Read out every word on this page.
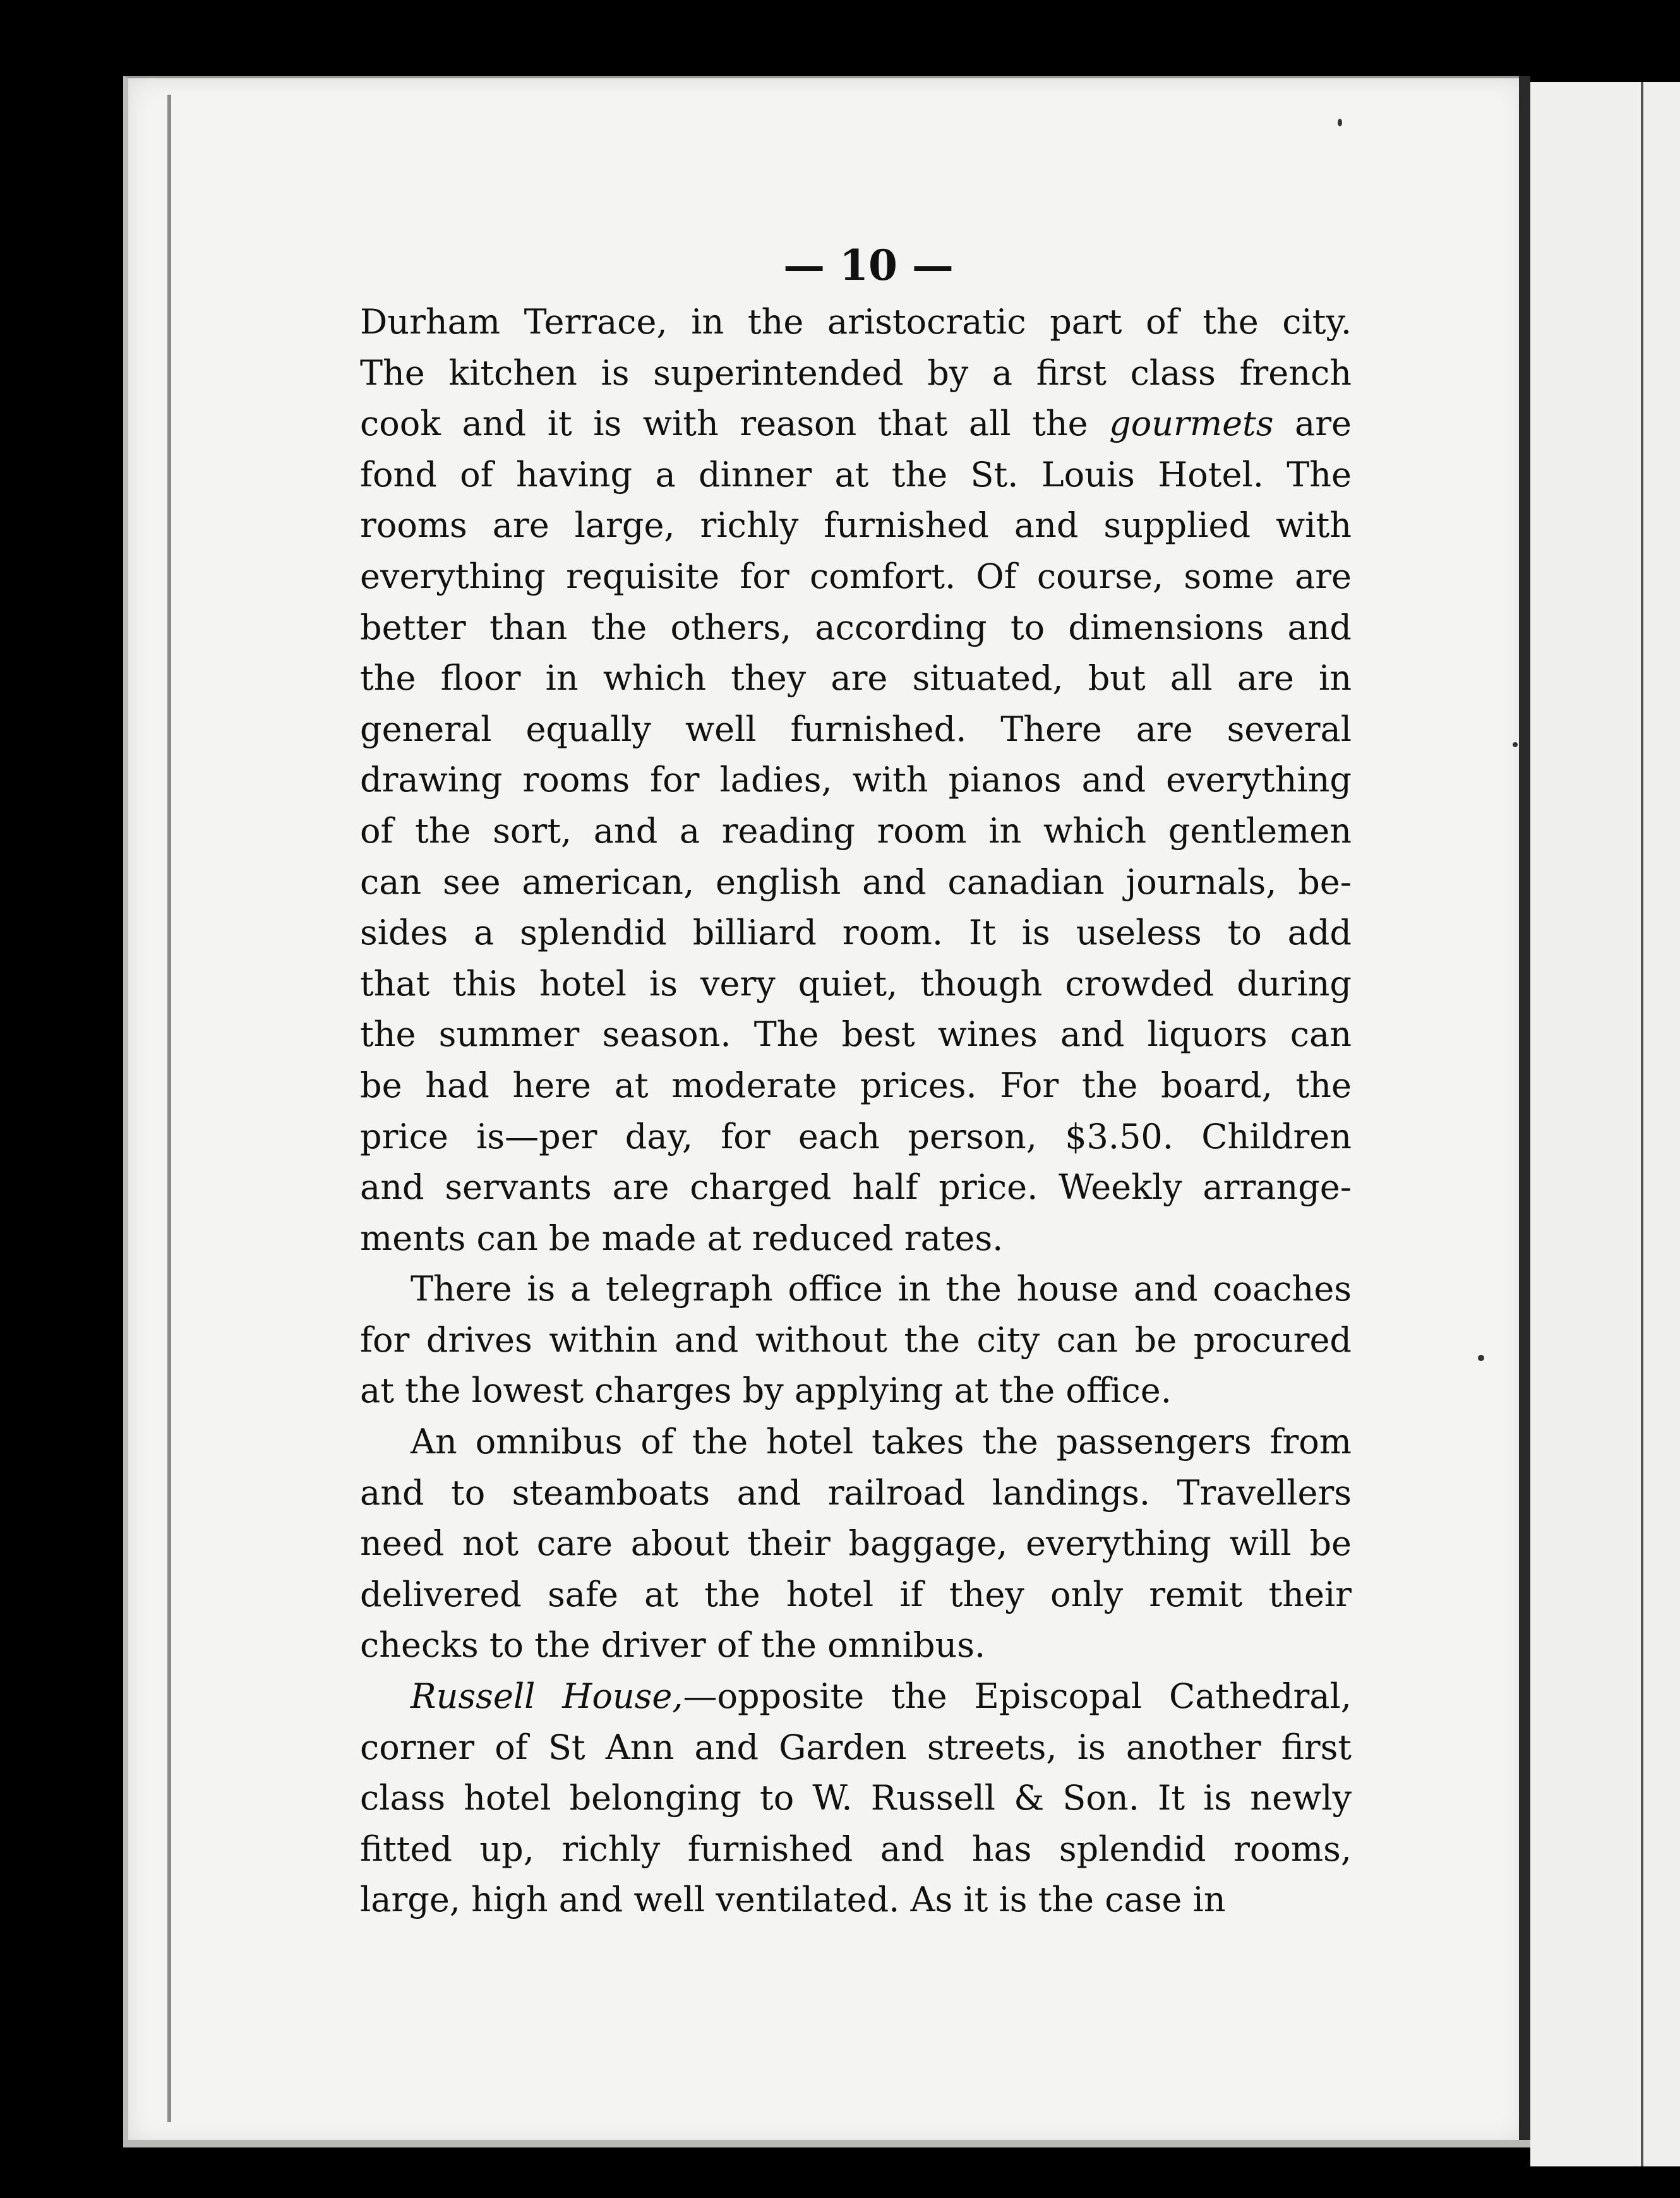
— 10 —
Durham Terrace, in the aristocratic part of the city.
The kitchen is superintended by a first class french
cook and it is with reason that all the gourmets are
fond of having a dinner at the St. Louis Hotel. The
rooms are large, richly furnished and supplied with
everything requisite for comfort. Of course, some are
better than the others, according to dimensions and
the floor in which they are situated, but all are in
general equally well furnished. There are several
drawing rooms for ladies, with pianos and everything
of the sort, and a reading room in which gentlemen
can see american, english and canadian journals, be-
sides a splendid billiard room. It is useless to add
that this hotel is very quiet, though crowded during
the summer season. The best wines and liquors can
be had here at moderate prices. For the board, the
price is—per day, for each person, $3.50. Children
and servants are charged half price. Weekly arrange-
ments can be made at reduced rates.
There is a telegraph office in the house and coaches
for drives within and without the city can be procured
at the lowest charges by applying at the office.
An omnibus of the hotel takes the passengers from
and to steamboats and railroad landings. Travellers
need not care about their baggage, everything will be
delivered safe at the hotel if they only remit their
checks to the driver of the omnibus.
Russell House,—opposite the Episcopal Cathedral,
corner of St Ann and Garden streets, is another first
class hotel belonging to W. Russell & Son. It is newly
fitted up, richly furnished and has splendid rooms,
large, high and well ventilated. As it is the case in
